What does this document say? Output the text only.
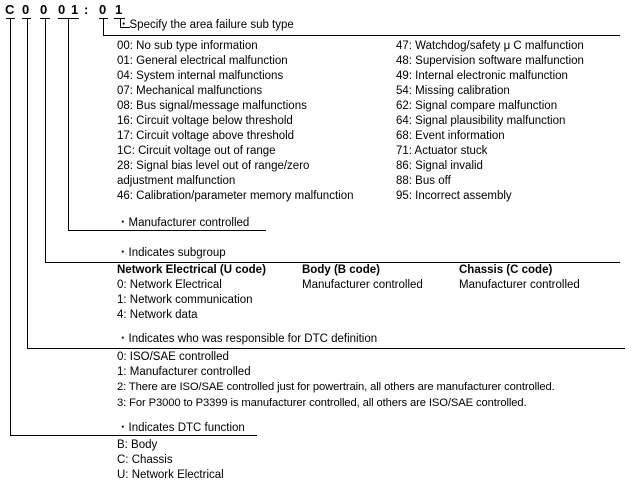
C 0 0 0 1 : 0 1
・Specify the area failure sub type
00: No sub type information
01: General electrical malfunction
04: System internal malfunctions
07: Mechanical malfunctions
08: Bus signal/message malfunctions
16: Circuit voltage below threshold
17: Circuit voltage above threshold
1C: Circuit voltage out of range
28: Signal bias level out of range/zero
adjustment malfunction
46: Calibration/parameter memory malfunction
47: Watchdog/safety μ C malfunction
48: Supervision software malfunction
49: Internal electronic malfunction
54: Missing calibration
62: Signal compare malfunction
64: Signal plausibility malfunction
68: Event information
71: Actuator stuck
86: Signal invalid
88: Bus off
95: Incorrect assembly
・Manufacturer controlled
・Indicates subgroup
Network Electrical (U code)
0: Network Electrical
1: Network communication
4: Network data
Body (B code)
Manufacturer controlled
Chassis (C code)
Manufacturer controlled
・Indicates who was responsible for DTC definition
0: ISO/SAE controlled
1: Manufacturer controlled
2: There are ISO/SAE controlled just for powertrain, all others are manufacturer controlled.
3: For P3000 to P3399 is manufacturer controlled, all others are ISO/SAE controlled.
・Indicates DTC function
B: Body
C: Chassis
U: Network Electrical
